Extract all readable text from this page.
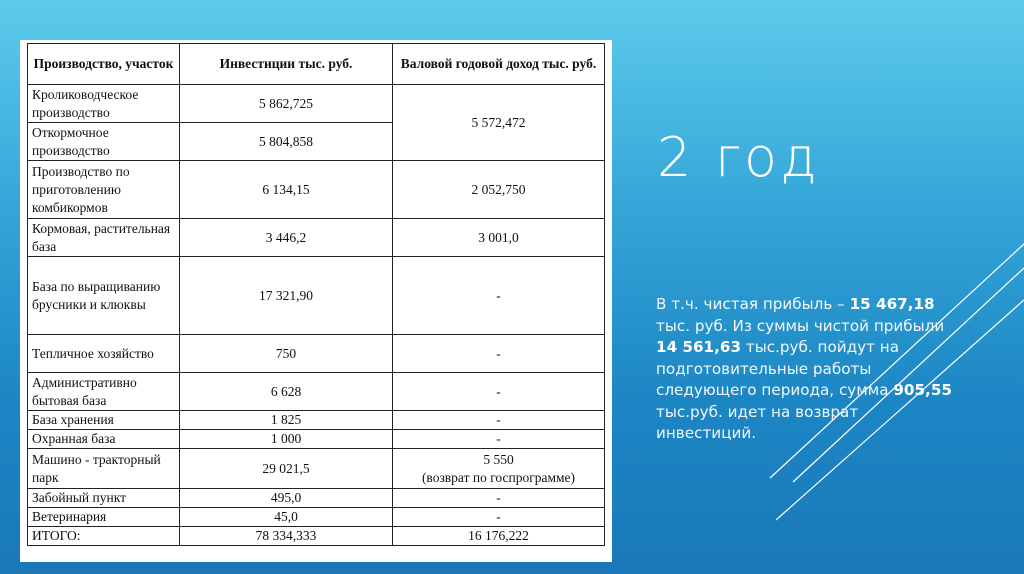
Производство, участок	Инвестиции тыс. руб.	Валовой годовой доход тыс. руб.
Кролиководческое производство	5 862,725	5 572,472
Откормочное производство	5 804,858	
Производство по приготовлению комбикормов	6 134,15	2 052,750
Кормовая, растительная база	3 446,2	3 001,0
База по выращиванию брусники и клюквы	17 321,90	-
Тепличное хозяйство	750	-
Административно бытовая база	6 628	-
База хранения	1 825	-
Охранная база	1 000	-
Машино - тракторный парк	29 021,5	5 550
(возврат по госпрограмме)

Забойный пункт	495,0	-
Ветеринария	45,0	-
ИТОГО:	78 334,333	16 176,222
2 год

В т.ч. чистая прибыль – 15 467,18 тыс. руб. Из суммы чистой прибыли 14 561,63 тыс.руб. пойдут на подготовительные работы следующего периода, сумма 905,55 тыс.руб. идет на возврат инвестиций.
